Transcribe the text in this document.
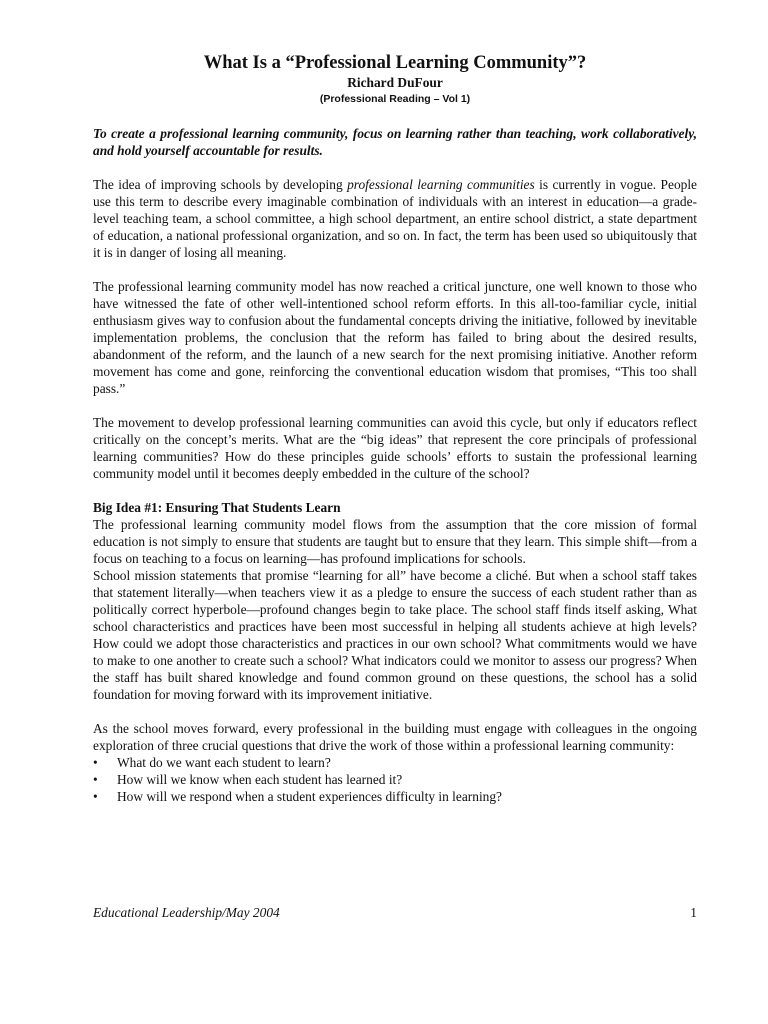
What Is a “Professional Learning Community”?
Richard DuFour
(Professional Reading – Vol 1)

To create a professional learning community, focus on learning rather than teaching, work collaboratively, and hold yourself accountable for results.

The idea of improving schools by developing professional learning communities is currently in vogue. People use this term to describe every imaginable combination of individuals with an interest in education—a grade-level teaching team, a school committee, a high school department, an entire school district, a state department of education, a national professional organization, and so on. In fact, the term has been used so ubiquitously that it is in danger of losing all meaning.

The professional learning community model has now reached a critical juncture, one well known to those who have witnessed the fate of other well-intentioned school reform efforts. In this all-too-familiar cycle, initial enthusiasm gives way to confusion about the fundamental concepts driving the initiative, followed by inevitable implementation problems, the conclusion that the reform has failed to bring about the desired results, abandonment of the reform, and the launch of a new search for the next promising initiative. Another reform movement has come and gone, reinforcing the conventional education wisdom that promises, “This too shall pass.”

The movement to develop professional learning communities can avoid this cycle, but only if educators reflect critically on the concept’s merits. What are the “big ideas” that represent the core principals of professional learning communities? How do these principles guide schools’ efforts to sustain the professional learning community model until it becomes deeply embedded in the culture of the school?

Big Idea #1: Ensuring That Students Learn

The professional learning community model flows from the assumption that the core mission of formal education is not simply to ensure that students are taught but to ensure that they learn. This simple shift—from a focus on teaching to a focus on learning—has profound implications for schools.

School mission statements that promise “learning for all” have become a cliché. But when a school staff takes that statement literally—when teachers view it as a pledge to ensure the success of each student rather than as politically correct hyperbole—profound changes begin to take place. The school staff finds itself asking, What school characteristics and practices have been most successful in helping all students achieve at high levels? How could we adopt those characteristics and practices in our own school? What commitments would we have to make to one another to create such a school? What indicators could we monitor to assess our progress? When the staff has built shared knowledge and found common ground on these questions, the school has a solid foundation for moving forward with its improvement initiative.

As the school moves forward, every professional in the building must engage with colleagues in the ongoing exploration of three crucial questions that drive the work of those within a professional learning community:

•	What do we want each student to learn?
•	How will we know when each student has learned it?
•	How will we respond when a student experiences difficulty in learning?
Educational Leadership/May 2004	1
